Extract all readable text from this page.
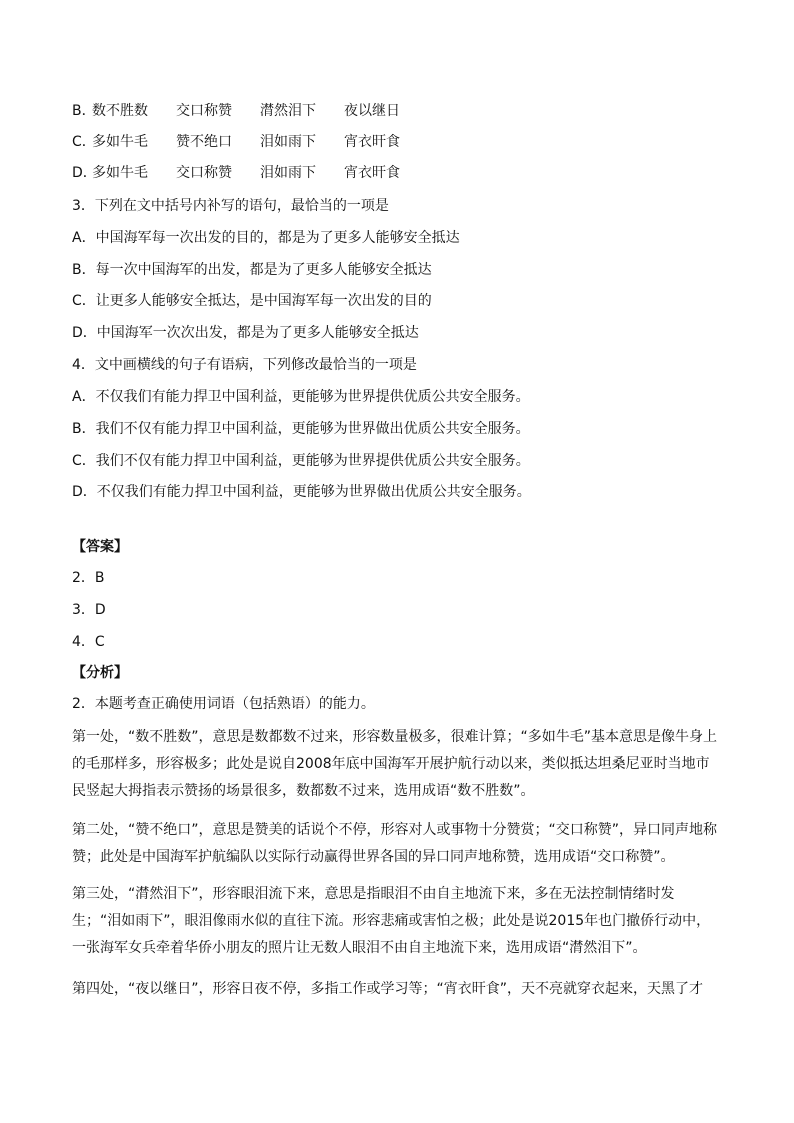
B．
数不胜数	交口称赞	潸然泪下	夜以继日
C．
多如牛毛	赞不绝口	泪如雨下	宵衣旰食
D．
多如牛毛	交口称赞	泪如雨下	宵衣旰食
3．下列在文中括号内补写的语句，最恰当的一项是
A．中国海军每一次出发的目的，都是为了更多人能够安全抵达
B．每一次中国海军的出发，都是为了更多人能够安全抵达
C．让更多人能够安全抵达，是中国海军每一次出发的目的
D．中国海军一次次出发，都是为了更多人能够安全抵达
4．文中画横线的句子有语病，下列修改最恰当的一项是
A．不仅我们有能力捍卫中国利益，更能够为世界提供优质公共安全服务。
B．我们不仅有能力捍卫中国利益，更能够为世界做出优质公共安全服务。
C．我们不仅有能力捍卫中国利益，更能够为世界提供优质公共安全服务。
D．不仅我们有能力捍卫中国利益，更能够为世界做出优质公共安全服务。
【答案】
2．B
3．D
4．C
【分析】
2．本题考查正确使用词语（包括熟语）的能力。
第一处，“数不胜数”，意思是数都数不过来，形容数量极多，很难计算；“多如牛毛”基本意思是像牛身上的毛那样多，形容极多；此处是说自2008年底中国海军开展护航行动以来，类似抵达坦桑尼亚时当地市民竖起大拇指表示赞扬的场景很多，数都数不过来，选用成语“数不胜数”。
第二处，“赞不绝口”，意思是赞美的话说个不停，形容对人或事物十分赞赏；“交口称赞”，异口同声地称赞；此处是中国海军护航编队以实际行动赢得世界各国的异口同声地称赞，选用成语“交口称赞”。
第三处，“潸然泪下”，形容眼泪流下来，意思是指眼泪不由自主地流下来，多在无法控制情绪时发生；“泪如雨下”，眼泪像雨水似的直往下流。形容悲痛或害怕之极；此处是说2015年也门撤侨行动中，一张海军女兵牵着华侨小朋友的照片让无数人眼泪不由自主地流下来，选用成语“潸然泪下”。
第四处，“夜以继日”，形容日夜不停，多指工作或学习等；“宵衣旰食”，天不亮就穿衣起来，天黑了才
